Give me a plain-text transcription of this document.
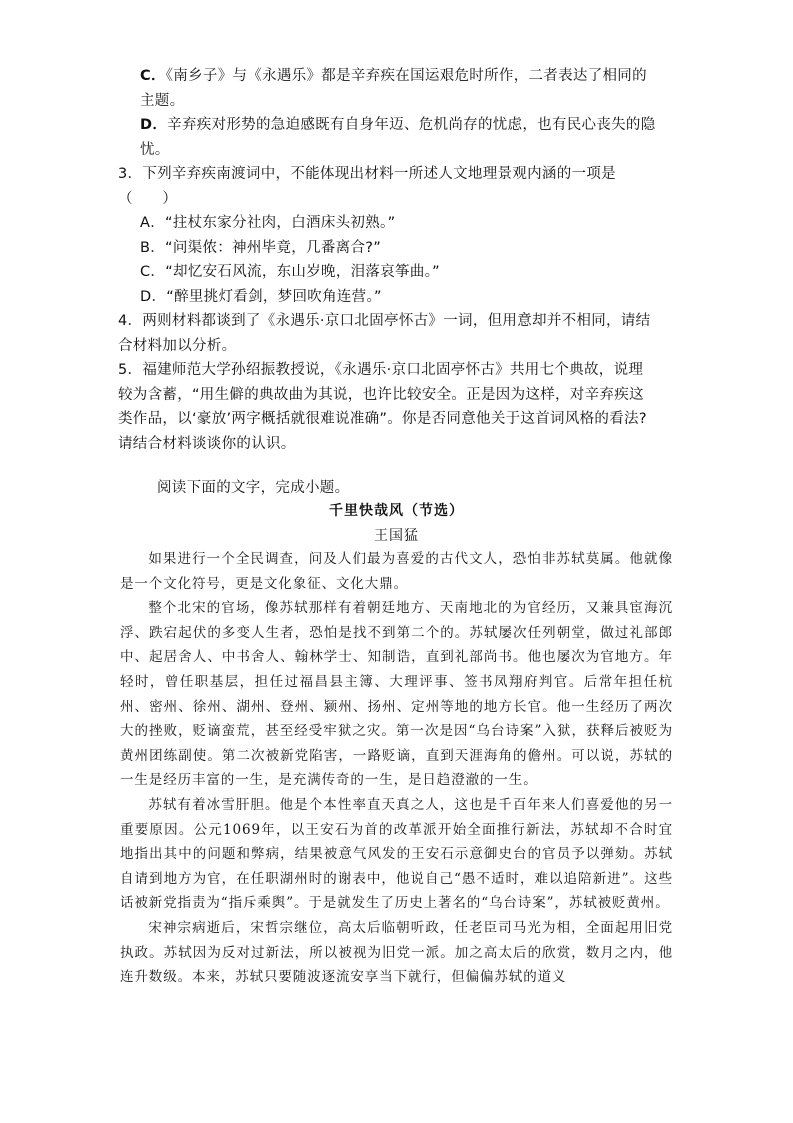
C．《南乡子》与《永遇乐》都是辛弃疾在国运艰危时所作，二者表达了相同的
主题。
D．辛弃疾对形势的急迫感既有自身年迈、危机尚存的忧虑，也有民心丧失的隐
忧。
3．下列辛弃疾南渡词中，不能体现出材料一所述人文地理景观内涵的一项是
（　　）
A．“拄杖东家分社肉，白酒床头初熟。”
B．“问渠侬：神州毕竟，几番离合?”
C．“却忆安石风流，东山岁晚，泪落哀筝曲。”
D．“醉里挑灯看剑，梦回吹角连营。”
4．两则材料都谈到了《永遇乐·京口北固亭怀古》一词，但用意却并不相同，请结
合材料加以分析。
5．福建师范大学孙绍振教授说，《永遇乐·京口北固亭怀古》共用七个典故，说理
较为含蓄，“用生僻的典故曲为其说，也许比较安全。正是因为这样，对辛弃疾这
类作品，以‘豪放’两字概括就很难说准确”。你是否同意他关于这首词风格的看法?
请结合材料谈谈你的认识。
阅读下面的文字，完成小题。
千里快哉风（节选）
王国猛

如果进行一个全民调查，问及人们最为喜爱的古代文人，恐怕非苏轼莫属。他就像是一个文化符号，更是文化象征、文化大鼎。

整个北宋的官场，像苏轼那样有着朝廷地方、天南地北的为官经历，又兼具宦海沉浮、跌宕起伏的多变人生者，恐怕是找不到第二个的。苏轼屡次任列朝堂，做过礼部郎中、起居舍人、中书舍人、翰林学士、知制诰，直到礼部尚书。他也屡次为官地方。年轻时，曾任职基层，担任过福昌县主簿、大理评事、签书凤翔府判官。后常年担任杭州、密州、徐州、湖州、登州、颍州、扬州、定州等地的地方长官。他一生经历了两次大的挫败，贬谪蛮荒，甚至经受牢狱之灾。第一次是因“乌台诗案”入狱，获释后被贬为黄州团练副使。第二次被新党陷害，一路贬谪，直到天涯海角的儋州。可以说，苏轼的一生是经历丰富的一生，是充满传奇的一生，是日趋澄澈的一生。

苏轼有着冰雪肝胆。他是个本性率直天真之人，这也是千百年来人们喜爱他的另一重要原因。公元1069年，以王安石为首的改革派开始全面推行新法，苏轼却不合时宜地指出其中的问题和弊病，结果被意气风发的王安石示意御史台的官员予以弹劾。苏轼自请到地方为官，在任职湖州时的谢表中，他说自己“愚不适时，难以追陪新进”。这些话被新党指责为“指斥乘舆”。于是就发生了历史上著名的“乌台诗案”，苏轼被贬黄州。

宋神宗病逝后，宋哲宗继位，高太后临朝听政，任老臣司马光为相，全面起用旧党执政。苏轼因为反对过新法，所以被视为旧党一派。加之高太后的欣赏，数月之内，他连升数级。本来，苏轼只要随波逐流安享当下就行，但偏偏苏轼的道义
